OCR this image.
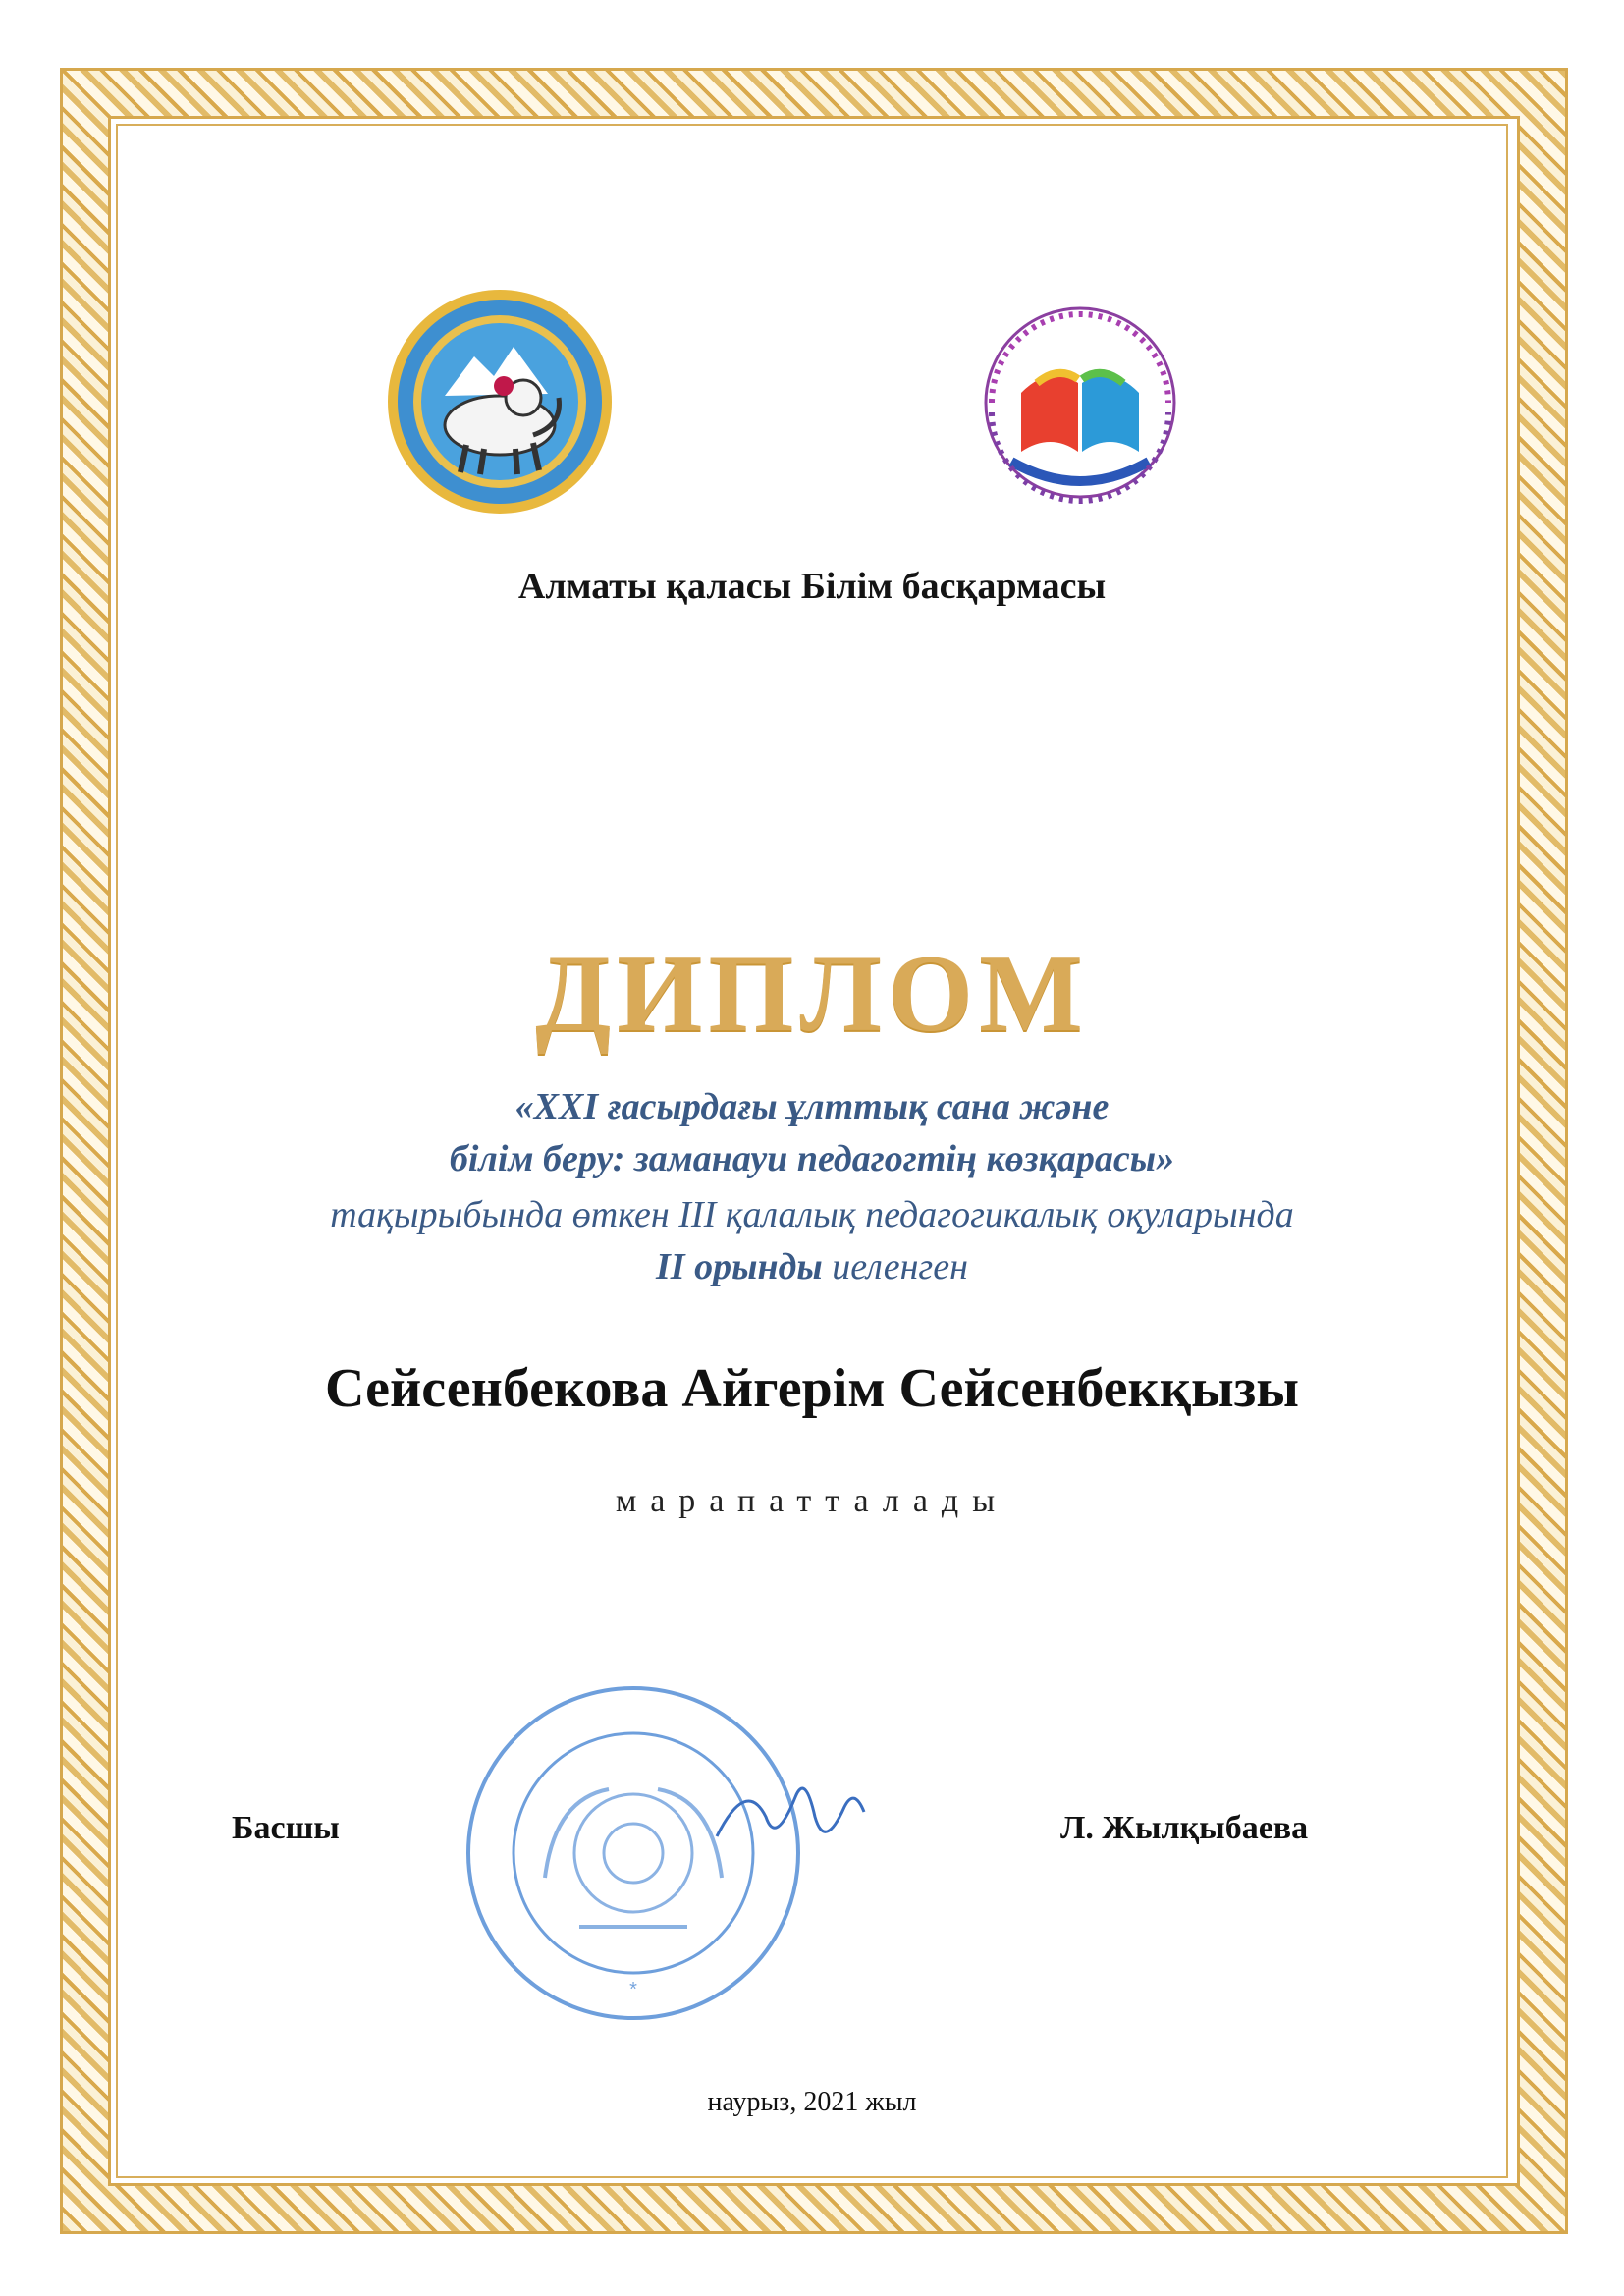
Алматы қаласы Білім басқармасы
ДИПЛОМ
«XXI ғасырдағы ұлттық сана және
білім беру: заманауи педагогтің көзқарасы»
тақырыбында өткен III қалалық педагогикалық оқуларында
II орынды иеленген
Сейсенбекова Айгерім Сейсенбекқызы
марапатталады
Басшы
*
Л. Жылқыбаева
наурыз, 2021 жыл
